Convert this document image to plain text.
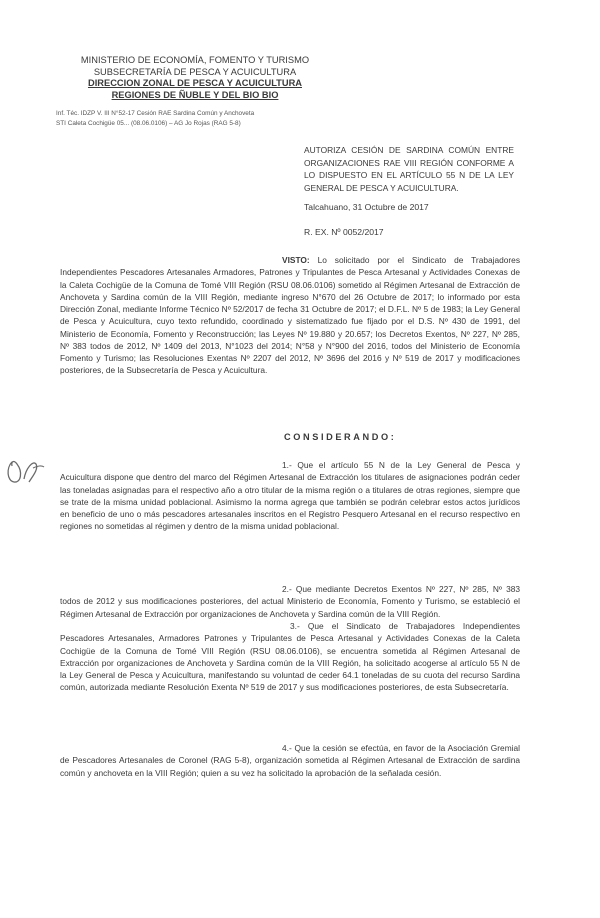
MINISTERIO DE ECONOMÍA, FOMENTO Y TURISMO
SUBSECRETARÍA DE PESCA Y ACUICULTURA
DIRECCION ZONAL DE PESCA Y ACUICULTURA
REGIONES DE ÑUBLE Y DEL BIO BIO
Inf. Téc. IDZP V. III N°52-17 Cesión RAE Sardina Común y Anchoveta
STI Caleta Cochigüe 05... (08.06.0106) – AG Jo Rojas (RAG 5-8)
AUTORIZA CESIÓN DE SARDINA COMÚN ENTRE ORGANIZACIONES RAE VIII REGIÓN CONFORME A LO DISPUESTO EN EL ARTÍCULO 55 N DE LA LEY GENERAL DE PESCA Y ACUICULTURA.
Talcahuano, 31 Octubre de 2017
R. EX. Nº 0052/2017
VISTO: Lo solicitado por el Sindicato de Trabajadores Independientes Pescadores Artesanales Armadores, Patrones y Tripulantes de Pesca Artesanal y Actividades Conexas de la Caleta Cochigüe de la Comuna de Tomé VIII Región (RSU 08.06.0106) sometido al Régimen Artesanal de Extracción de Anchoveta y Sardina común de la VIII Región, mediante ingreso N°670 del 26 Octubre de 2017; lo informado por esta Dirección Zonal, mediante Informe Técnico Nº 52/2017 de fecha 31 Octubre de 2017; el D.F.L. Nº 5 de 1983; la Ley General de Pesca y Acuicultura, cuyo texto refundido, coordinado y sistematizado fue fijado por el D.S. Nº 430 de 1991, del Ministerio de Economía, Fomento y Reconstrucción; las Leyes Nº 19.880 y 20.657; los Decretos Exentos, Nº 227, Nº 285, Nº 383 todos de 2012, Nº 1409 del 2013, N°1023 del 2014; N°58 y N°900 del 2016, todos del Ministerio de Economía Fomento y Turismo; las Resoluciones Exentas Nº 2207 del 2012, Nº 3696 del 2016 y Nº 519 de 2017 y modificaciones posteriores, de la Subsecretaría de Pesca y Acuicultura.
CONSIDERANDO:
1.- Que el artículo 55 N de la Ley General de Pesca y Acuicultura dispone que dentro del marco del Régimen Artesanal de Extracción los titulares de asignaciones podrán ceder las toneladas asignadas para el respectivo año a otro titular de la misma región o a titulares de otras regiones, siempre que se trate de la misma unidad poblacional. Asimismo la norma agrega que también se podrán celebrar estos actos jurídicos en beneficio de uno o más pescadores artesanales inscritos en el Registro Pesquero Artesanal en el recurso respectivo en regiones no sometidas al régimen y dentro de la misma unidad poblacional.
2.- Que mediante Decretos Exentos Nº 227, Nº 285, Nº 383 todos de 2012 y sus modificaciones posteriores, del actual Ministerio de Economía, Fomento y Turismo, se estableció el Régimen Artesanal de Extracción por organizaciones de Anchoveta y Sardina común de la VIII Región.
3.- Que el Sindicato de Trabajadores Independientes Pescadores Artesanales, Armadores Patrones y Tripulantes de Pesca Artesanal y Actividades Conexas de la Caleta Cochigüe de la Comuna de Tomé VIII Región (RSU 08.06.0106), se encuentra sometida al Régimen Artesanal de Extracción por organizaciones de Anchoveta y Sardina común de la VIII Región, ha solicitado acogerse al artículo 55 N de la Ley General de Pesca y Acuicultura, manifestando su voluntad de ceder 64.1 toneladas de su cuota del recurso Sardina común, autorizada mediante Resolución Exenta Nº 519 de 2017 y sus modificaciones posteriores, de esta Subsecretaría.
4.- Que la cesión se efectúa, en favor de la Asociación Gremial de Pescadores Artesanales de Coronel (RAG 5-8), organización sometida al Régimen Artesanal de Extracción de sardina común y anchoveta en la VIII Región; quien a su vez ha solicitado la aprobación de la señalada cesión.
